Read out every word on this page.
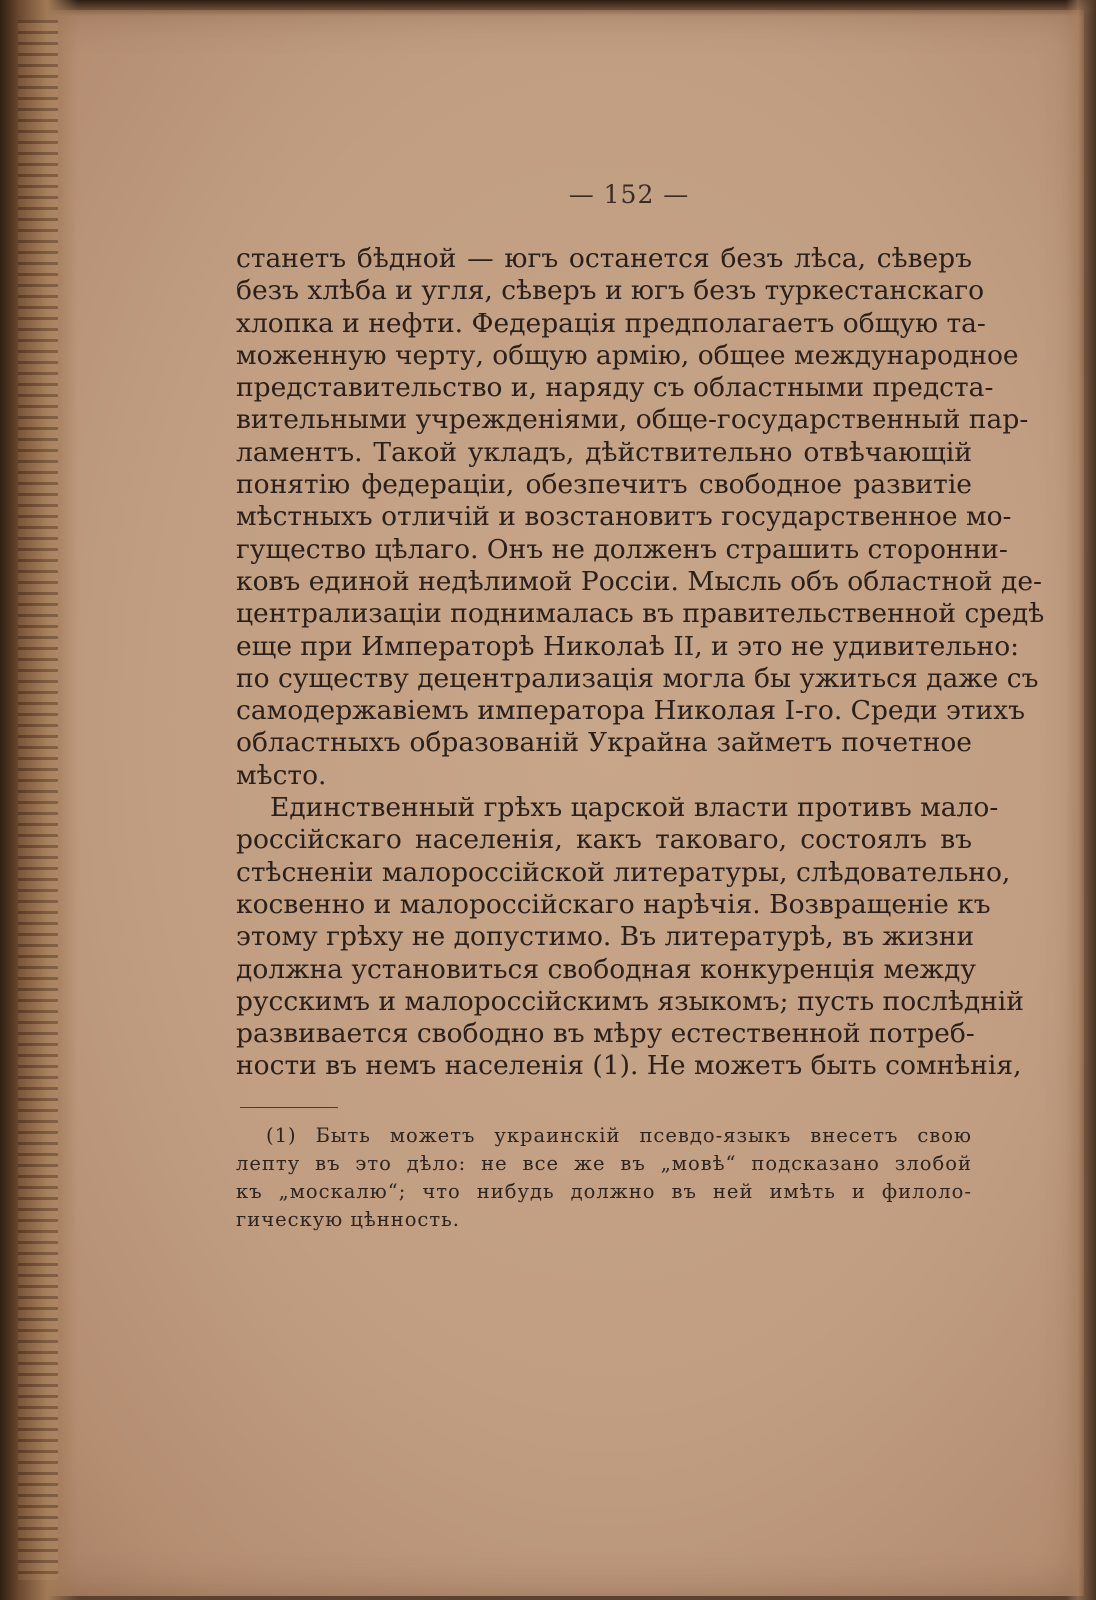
— 152 —
станетъ бѣдной — югъ останется безъ лѣса, сѣверъ
безъ хлѣба и угля, сѣверъ и югъ безъ туркестанскаго
хлопка и нефти. Федерація предполагаетъ общую та-
моженную черту, общую армію, общее международное
представительство и, наряду съ областными предста-
вительными учрежденіями, обще-государственный пар-
ламентъ. Такой укладъ, дѣйствительно отвѣчающій
понятію федераціи, обезпечитъ свободное развитіе
мѣстныхъ отличій и возстановитъ государственное мо-
гущество цѣлаго. Онъ не долженъ страшить сторонни-
ковъ единой недѣлимой Россіи. Мысль объ областной де-
централизаціи поднималась въ правительственной средѣ
еще при Императорѣ Николаѣ II, и это не удивительно:
по существу децентрализація могла бы ужиться даже съ
самодержавіемъ императора Николая I-го. Среди этихъ
областныхъ образованій Украйна займетъ почетное
мѣсто.
Единственный грѣхъ царской власти противъ мало-
россійскаго населенія, какъ таковаго, состоялъ въ
стѣсненіи малороссійской литературы, слѣдовательно,
косвенно и малороссійскаго нарѣчія. Возвращеніе къ
этому грѣху не допустимо. Въ литературѣ, въ жизни
должна установиться свободная конкуренція между
русскимъ и малороссійскимъ языкомъ; пусть послѣдній
развивается свободно въ мѣру естественной потреб-
ности въ немъ населенія (1). Не можетъ быть сомнѣнія,
(1) Быть можетъ украинскій псевдо-языкъ внесетъ свою
лепту въ это дѣло: не все же въ „мовѣ“ подсказано злобой
къ „москалю“; что нибудь должно въ ней имѣть и филоло-
гическую цѣнность.
